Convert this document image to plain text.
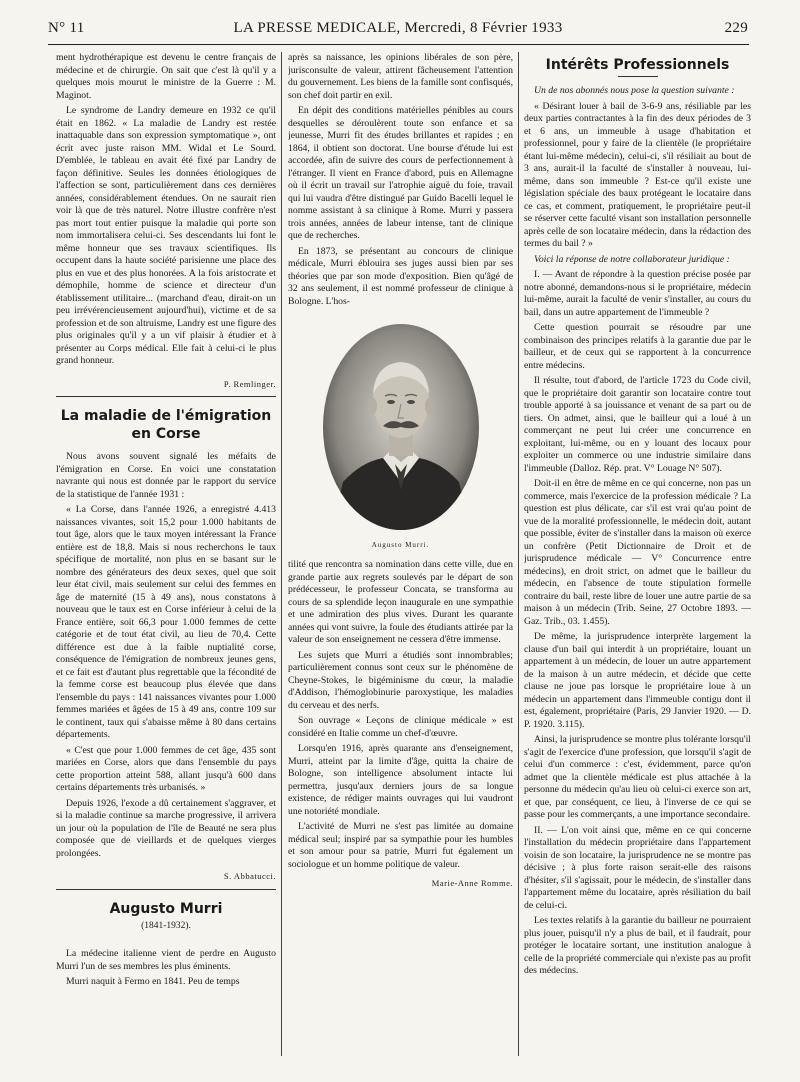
N° 11	LA PRESSE MEDICALE, Mercredi, 8 Février 1933	229

ment hydrothérapique est devenu le centre français de médecine et de chirurgie. On sait que c'est là qu'il y a quelques mois mourut le ministre de la Guerre : M. Maginot.

Le syndrome de Landry demeure en 1932 ce qu'il était en 1862. « La maladie de Landry est restée inattaquable dans son expression symptomatique », ont écrit avec juste raison MM. Widal et Le Sourd. D'emblée, le tableau en avait été fixé par Landry de façon définitive. Seules les données étiologiques de l'affection se sont, particulièrement dans ces dernières années, considérablement étendues. On ne saurait rien voir là que de très naturel. Notre illustre confrère n'est pas mort tout entier puisque la maladie qui porte son nom immortalisera celui-ci. Ses descendants lui font le même honneur que ses travaux scientifiques. Ils occupent dans la haute société parisienne une place des plus en vue et des plus honorées. A la fois aristocrate et démophile, homme de science et directeur d'un établissement utilitaire... (marchand d'eau, dirait-on un peu irrévérencieusement aujourd'hui), victime et de sa profession et de son altruisme, Landry est une figure des plus originales qu'il y a un vif plaisir à étudier et à présenter au Corps médical. Elle fait à celui-ci le plus grand honneur.

P. Remlinger.
La maladie de l'émigration en Corse

Nous avons souvent signalé les méfaits de l'émigration en Corse. En voici une constatation navrante qui nous est donnée par le rapport du service de la statistique de l'année 1931 :

« La Corse, dans l'année 1926, a enregistré 4.413 naissances vivantes, soit 15,2 pour 1.000 habitants de tout âge, alors que le taux moyen intéressant la France entière est de 18,8. Mais si nous recherchons le taux spécifique de mortalité, non plus en se basant sur le nombre des générateurs des deux sexes, quel que soit leur état civil, mais seulement sur celui des femmes en âge de maternité (15 à 49 ans), nous constatons à nouveau que le taux est en Corse inférieur à celui de la France entière, soit 66,3 pour 1.000 femmes de cette catégorie et de tout état civil, au lieu de 70,4. Cette différence est due à la faible nuptialité corse, conséquence de l'émigration de nombreux jeunes gens, et ce fait est d'autant plus regrettable que la fécondité de la femme corse est beaucoup plus élevée que dans l'ensemble du pays : 141 naissances vivantes pour 1.000 femmes mariées et âgées de 15 à 49 ans, contre 109 sur le continent, taux qui s'abaisse même à 80 dans certains départements.

« C'est que pour 1.000 femmes de cet âge, 435 sont mariées en Corse, alors que dans l'ensemble du pays cette proportion atteint 588, allant jusqu'à 600 dans certains départements très urbanisés. »

Depuis 1926, l'exode a dû certainement s'aggraver, et si la maladie continue sa marche progressive, il arrivera un jour où la population de l'île de Beauté ne sera plus composée que de vieillards et de quelques vierges prolongées.

S. Abbatucci.
Augusto Murri
(1841-1932).

La médecine italienne vient de perdre en Augusto Murri l'un de ses membres les plus éminents.

Murri naquit à Fermo en 1841. Peu de temps

après sa naissance, les opinions libérales de son père, jurisconsulte de valeur, attirent fâcheusement l'attention du gouvernement. Les biens de la famille sont confisqués, son chef doit partir en exil.

En dépit des conditions matérielles pénibles au cours desquelles se déroulèrent toute son enfance et sa jeunesse, Murri fit des études brillantes et rapides ; en 1864, il obtient son doctorat. Une bourse d'étude lui est accordée, afin de suivre des cours de perfectionnement à l'étranger. Il vient en France d'abord, puis en Allemagne où il écrit un travail sur l'atrophie aiguë du foie, travail qui lui vaudra d'être distingué par Guido Bacelli lequel le nomme assistant à sa clinique à Rome. Murri y passera trois années, années de labeur intense, tant de clinique que de recherches.

En 1873, se présentant au concours de clinique médicale, Murri éblouira ses juges aussi bien par ses théories que par son mode d'exposition. Bien qu'âgé de 32 ans seulement, il est nommé professeur de clinique à Bologne. L'hos-

Augusto Murri.

tilité que rencontra sa nomination dans cette ville, due en grande partie aux regrets soulevés par le départ de son prédécesseur, le professeur Concata, se transforma au cours de sa splendide leçon inaugurale en une sympathie et une admiration des plus vives. Durant les quarante années qui vont suivre, la foule des étudiants attirée par la valeur de son enseignement ne cessera d'être immense.

Les sujets que Murri a étudiés sont innombrables; particulièrement connus sont ceux sur le phénomène de Cheyne-Stokes, le bigéminisme du cœur, la maladie d'Addison, l'hémoglobinurie paroxystique, les maladies du cerveau et des nerfs.

Son ouvrage « Leçons de clinique médicale » est considéré en Italie comme un chef-d'œuvre.

Lorsqu'en 1916, après quarante ans d'enseignement, Murri, atteint par la limite d'âge, quitta la chaire de Bologne, son intelligence absolument intacte lui permettra, jusqu'aux derniers jours de sa longue existence, de rédiger maints ouvrages qui lui vaudront une notoriété mondiale.

L'activité de Murri ne s'est pas limitée au domaine médical seul; inspiré par sa sympathie pour les humbles et son amour pour sa patrie, Murri fut également un sociologue et un homme politique de valeur.

Marie-Anne Romme.
Intérêts Professionnels

Un de nos abonnés nous pose la question suivante :

« Désirant louer à bail de 3-6-9 ans, résiliable par les deux parties contractantes à la fin des deux périodes de 3 et 6 ans, un immeuble à usage d'habitation et professionnel, pour y faire de la clientèle (le propriétaire étant lui-même médecin), celui-ci, s'il résiliait au bout de 3 ans, aurait-il la faculté de s'installer à nouveau, lui-même, dans son immeuble ? Est-ce qu'il existe une législation spéciale des baux protégeant le locataire dans ce cas, et comment, pratiquement, le propriétaire peut-il se réserver cette faculté visant son installation personnelle après celle de son locataire médecin, dans la rédaction des termes du bail ? »

Voici la réponse de notre collaborateur juridique :

I. — Avant de répondre à la question précise posée par notre abonné, demandons-nous si le propriétaire, médecin lui-même, aurait la faculté de venir s'installer, au cours du bail, dans un autre appartement de l'immeuble ?

Cette question pourrait se résoudre par une combinaison des principes relatifs à la garantie due par le bailleur, et de ceux qui se rapportent à la concurrence entre médecins.

Il résulte, tout d'abord, de l'article 1723 du Code civil, que le propriétaire doit garantir son locataire contre tout trouble apporté à sa jouissance et venant de sa part ou de tiers. On admet, ainsi, que le bailleur qui a loué à un commerçant ne peut lui créer une concurrence en exploitant, lui-même, ou en y louant des locaux pour exploiter un commerce ou une industrie similaire dans l'immeuble (Dalloz. Rép. prat. V° Louage N° 507).

Doit-il en être de même en ce qui concerne, non pas un commerce, mais l'exercice de la profession médicale ? La question est plus délicate, car s'il est vrai qu'au point de vue de la moralité professionnelle, le médecin doit, autant que possible, éviter de s'installer dans la maison où exerce un confrère (Petit Dictionnaire de Droit et de jurisprudence médicale — V° Concurrence entre médecins), en droit strict, on admet que le bailleur du médecin, en l'absence de toute stipulation formelle contraire du bail, reste libre de louer une autre partie de sa maison à un médecin (Trib. Seine, 27 Octobre 1893. — Gaz. Trib., 03. 1.455).

De même, la jurisprudence interprète largement la clause d'un bail qui interdit à un propriétaire, louant un appartement à un médecin, de louer un autre appartement de la maison à un autre médecin, et décide que cette clause ne joue pas lorsque le propriétaire loue à un médecin un appartement dans l'immeuble contigu dont il est, également, propriétaire (Paris, 29 Janvier 1920. — D. P. 1920. 3.115).

Ainsi, la jurisprudence se montre plus tolérante lorsqu'il s'agit de l'exercice d'une profession, que lorsqu'il s'agit de celui d'un commerce : c'est, évidemment, parce qu'on admet que la clientèle médicale est plus attachée à la personne du médecin qu'au lieu où celui-ci exerce son art, et que, par conséquent, ce lieu, à l'inverse de ce qui se passe pour les commerçants, a une importance secondaire.

II. — L'on voit ainsi que, même en ce qui concerne l'installation du médecin propriétaire dans l'appartement voisin de son locataire, la jurisprudence ne se montre pas décisive ; à plus forte raison serait-elle des raisons d'hésiter, s'il s'agissait, pour le médecin, de s'installer dans l'appartement même du locataire, après résiliation du bail de celui-ci.

Les textes relatifs à la garantie du bailleur ne pourraient plus jouer, puisqu'il n'y a plus de bail, et il faudrait, pour protéger le locataire sortant, une institution analogue à celle de la propriété commerciale qui n'existe pas au profit des médecins.
